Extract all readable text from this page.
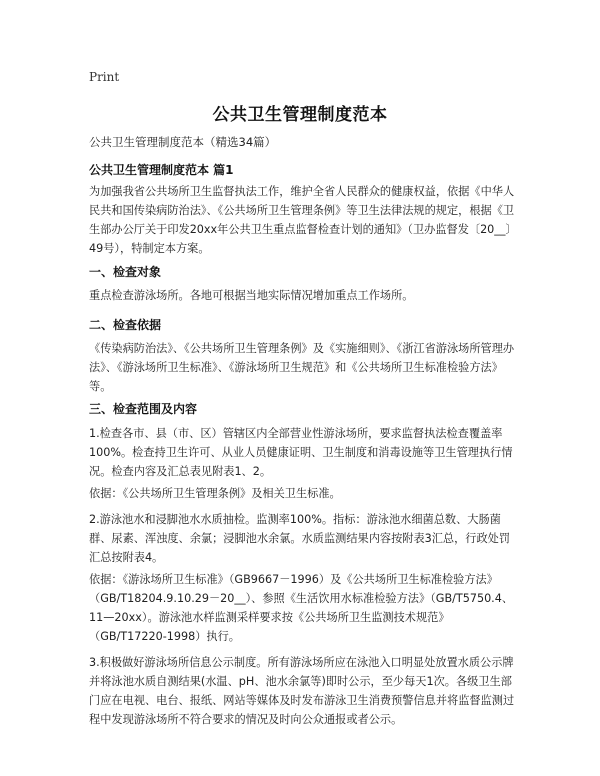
Print
公共卫生管理制度范本
公共卫生管理制度范本（精选34篇）
公共卫生管理制度范本 篇1
为加强我省公共场所卫生监督执法工作，维护全省人民群众的健康权益，依据《中华人民共和国传染病防治法》、《公共场所卫生管理条例》等卫生法律法规的规定，根据《卫生部办公厅关于印发20xx年公共卫生重点监督检查计划的通知》（卫办监督发〔20__〕49号），特制定本方案。
一、检查对象
重点检查游泳场所。各地可根据当地实际情况增加重点工作场所。
二、检查依据
《传染病防治法》、《公共场所卫生管理条例》及《实施细则》、《浙江省游泳场所管理办法》、《游泳场所卫生标准》、《游泳场所卫生规范》和《公共场所卫生标准检验方法》等。
三、检查范围及内容
1.检查各市、县（市、区）管辖区内全部营业性游泳场所，要求监督执法检查覆盖率100%。检查持卫生许可、从业人员健康证明、卫生制度和消毒设施等卫生管理执行情况。检查内容及汇总表见附表1、2。
依据：《公共场所卫生管理条例》及相关卫生标准。
2.游泳池水和浸脚池水水质抽检。监测率100%。指标：游泳池水细菌总数、大肠菌群、尿素、浑浊度、余氯；浸脚池水余氯。水质监测结果内容按附表3汇总，行政处罚汇总按附表4。
依据：《游泳场所卫生标准》（GB9667－1996）及《公共场所卫生标准检验方法》（GB/T18204.9.10.29－20__）、参照《生活饮用水标准检验方法》（GB/T5750.4、11—20xx）。游泳池水样监测采样要求按《公共场所卫生监测技术规范》（GB/T17220-1998）执行。
3.积极做好游泳场所信息公示制度。所有游泳场所应在泳池入口明显处放置水质公示牌并将泳池水质自测结果(水温、pH、池水余氯等)即时公示，至少每天1次。各级卫生部门应在电视、电台、报纸、网站等媒体及时发布游泳卫生消费预警信息并将监督监测过程中发现游泳场所不符合要求的情况及时向公众通报或者公示。
